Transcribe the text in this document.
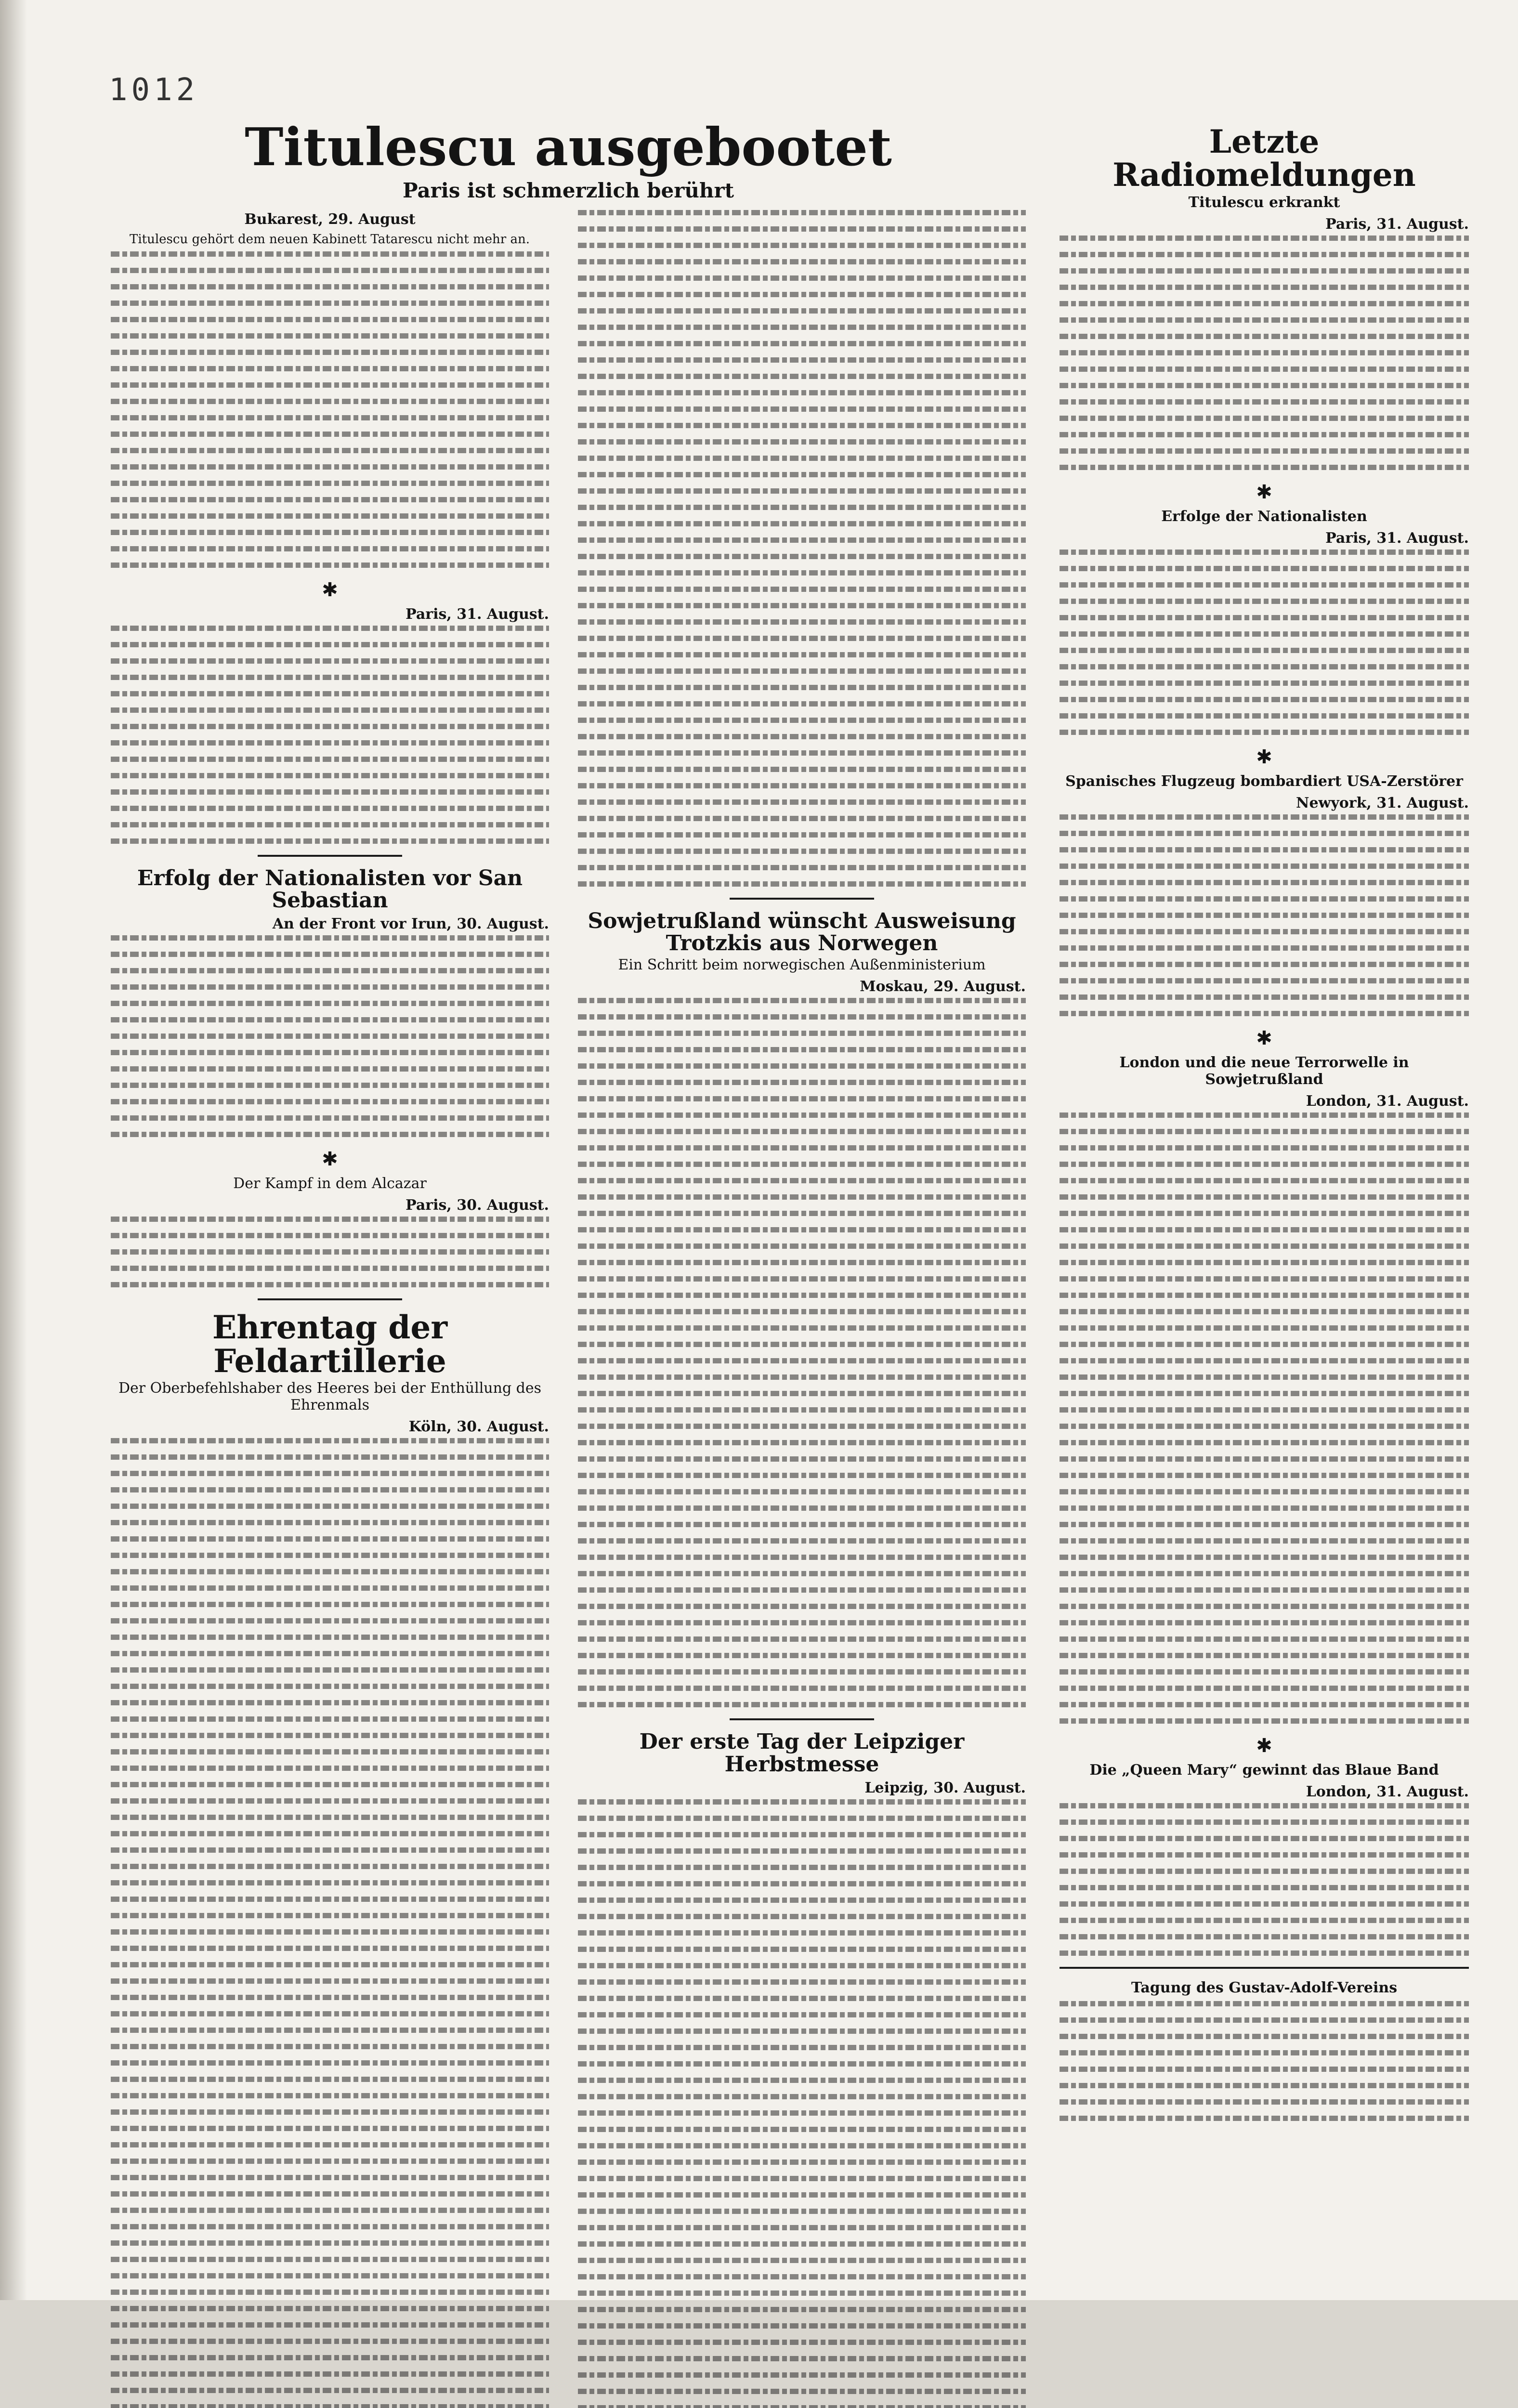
1012
Titulescu ausgebootet
Paris ist schmerzlich berührt
Bukarest, 29. August

Titulescu gehört dem neuen Kabinett Tatarescu nicht mehr an.

✱
Paris, 31. August.
Erfolg der Nationalisten vor San Sebastian
An der Front vor Irun, 30. August.
✱
Der Kampf in dem Alcazar
Paris, 30. August.
Ehrentag der Feldartillerie
Der Oberbefehlshaber des Heeres bei der Enthüllung des Ehrenmals
Köln, 30. August.
Sowjetrußland wünscht Ausweisung Trotzkis aus Norwegen
Ein Schritt beim norwegischen Außenministerium
Moskau, 29. August.
Der erste Tag der Leipziger Herbstmesse
Leipzig, 30. August.
Letzte Radiomeldungen
Titulescu erkrankt
Paris, 31. August.
✱
Erfolge der Nationalisten
Paris, 31. August.
✱
Spanisches Flugzeug bombardiert USA-Zerstörer
Newyork, 31. August.
✱
London und die neue Terrorwelle in Sowjetrußland
London, 31. August.
✱
Die „Queen Mary“ gewinnt das Blaue Band
London, 31. August.
Tagung des Gustav-Adolf-Vereins
